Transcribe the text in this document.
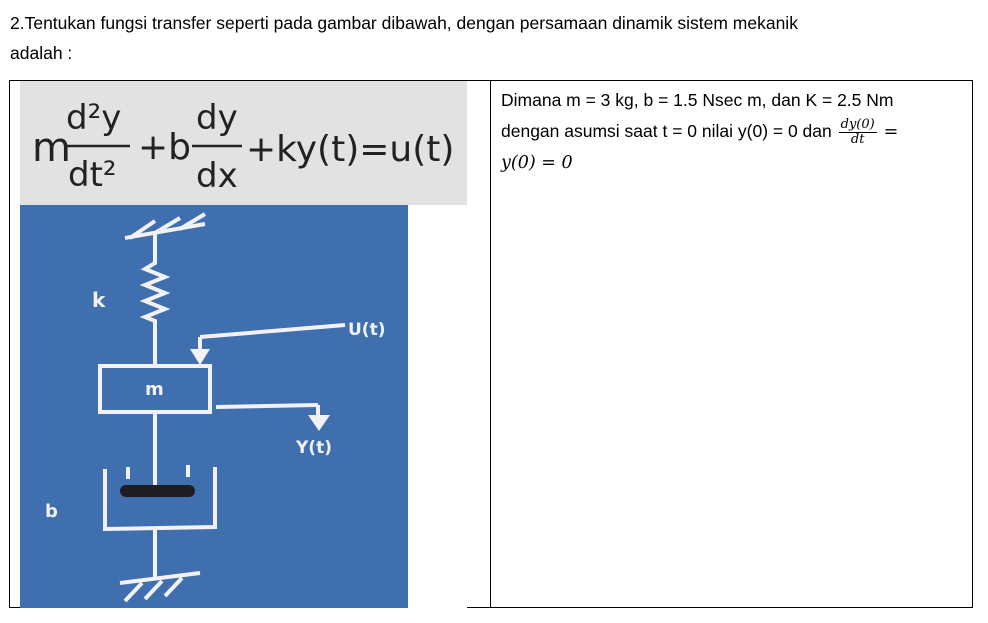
2.Tentukan fungsi transfer seperti pada gambar dibawah, dengan persamaan dinamik sistem mekanik
adalah :
m
d²y
dt²
+b
dy
dx
+ky(t)=u(t)
k
m
U(t)
Y(t)
b

Dimana m = 3 kg, b = 1.5 Nsec m, dan K = 2.5 Nm
dengan asumsi saat t = 0 nilai y(0) = 0 dan $\frac{dy(0)}{dt}$ =
y(0) = 0
